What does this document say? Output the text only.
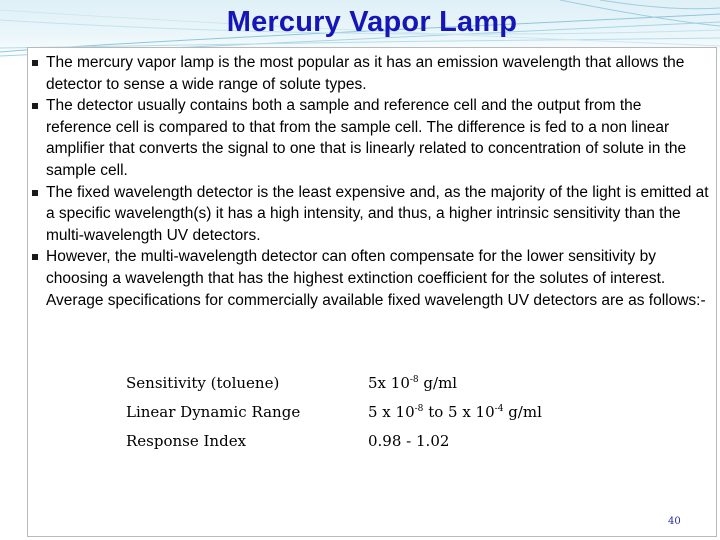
Mercury Vapor Lamp
The mercury vapor lamp is the most popular as it has an emission wavelength that allows the detector to sense a wide range of solute types.
The detector usually contains both a sample and reference cell and the output from the reference cell is compared to that from the sample cell. The difference is fed to a non linear amplifier that converts the signal to one that is linearly related to concentration of solute in the sample cell.
The fixed wavelength detector is the least expensive and, as the majority of the light is emitted at a specific wavelength(s) it has a high intensity, and thus, a higher intrinsic sensitivity than the multi-wavelength UV detectors.
However, the multi-wavelength detector can often compensate for the lower sensitivity by choosing a wavelength that has the highest extinction coefficient for the solutes of interest. Average specifications for commercially available fixed wavelength UV detectors are as follows:-
Sensitivity (toluene)	5x $10^{-8}$ g/ml
Linear Dynamic Range	5 x $10^{-8}$ to 5 x $10^{-4}$ g/ml
Response Index	0.98 - 1.02
40
